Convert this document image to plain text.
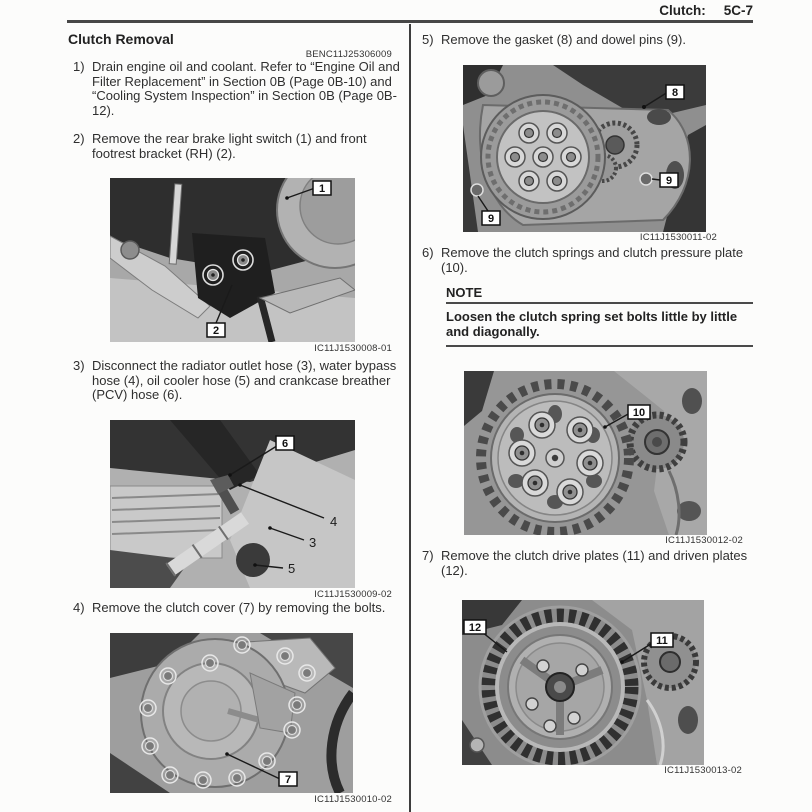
Clutch: 5C-7
Clutch Removal
BENC11J25306009
1) Drain engine oil and coolant. Refer to “Engine Oil and Filter Replacement” in Section 0B (Page 0B-10) and “Cooling System Inspection” in Section 0B (Page 0B-12).
2) Remove the rear brake light switch (1) and front footrest bracket (RH) (2).
1
2
IC11J1530008-01
3) Disconnect the radiator outlet hose (3), water bypass hose (4), oil cooler hose (5) and crankcase breather (PCV) hose (6).
6
4
3
5
IC11J1530009-02
4) Remove the clutch cover (7) by removing the bolts.
7
IC11J1530010-02
5) Remove the gasket (8) and dowel pins (9).
8
9
9
IC11J1530011-02
6) Remove the clutch springs and clutch pressure plate (10).
NOTE
Loosen the clutch spring set bolts little by little and diagonally.
10
IC11J1530012-02
7) Remove the clutch drive plates (11) and driven plates (12).
12
11
IC11J1530013-02
